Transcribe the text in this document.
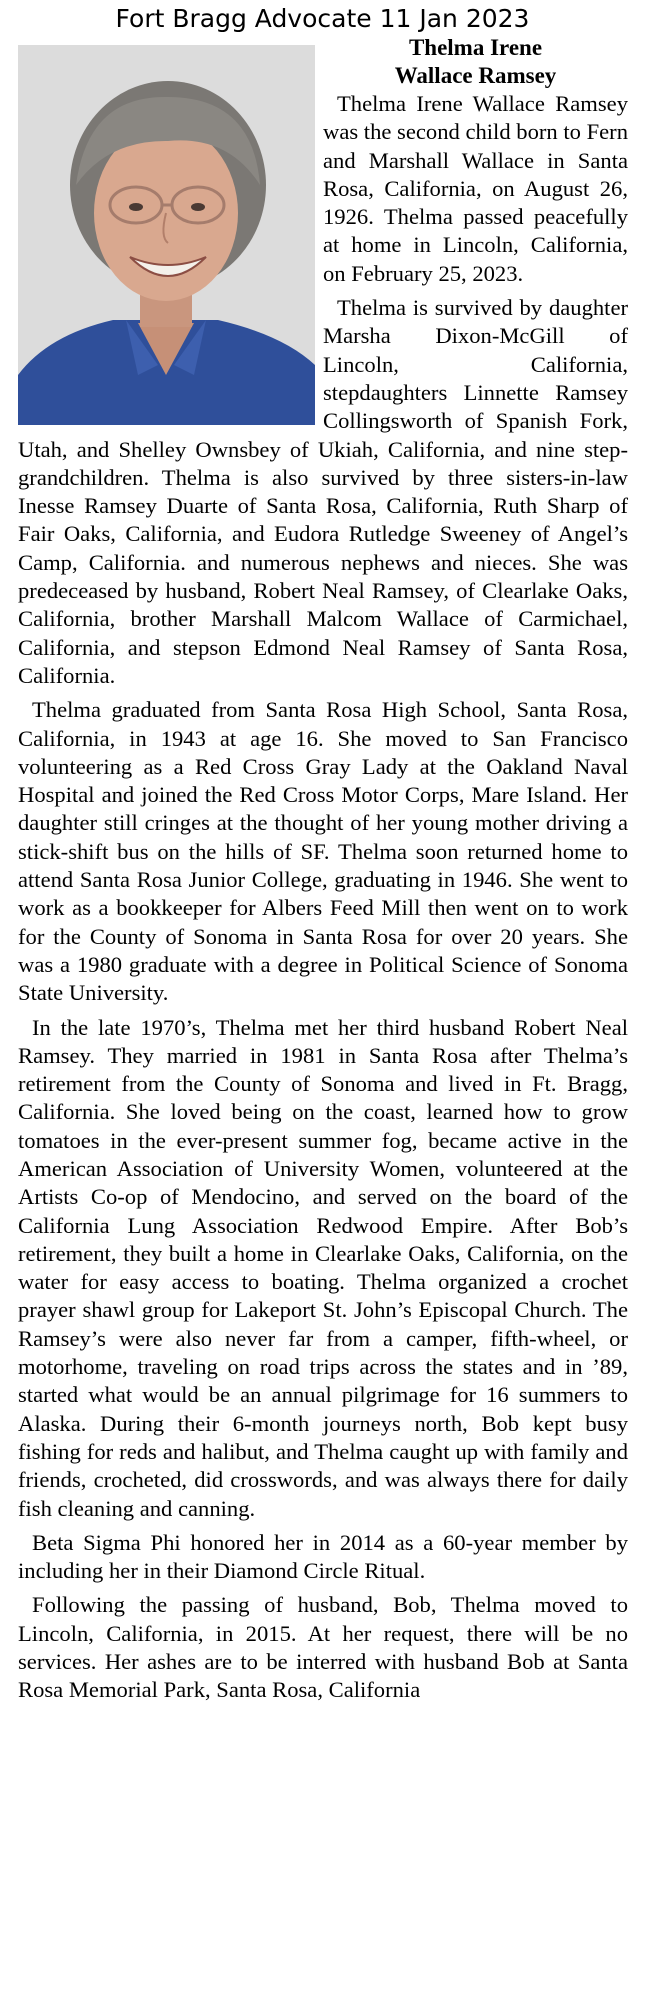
Fort Bragg Advocate 11 Jan 2023

Thelma Irene

Wallace Ramsey

Thelma Irene Wallace Ramsey was the second child born to Fern and Marshall Wallace in Santa Rosa, California, on August 26, 1926. Thelma passed peacefully at home in Lincoln, California, on February 25, 2023.

Thelma is survived by daughter Marsha Dixon-McGill of Lincoln, California, stepdaughters Linnette Ramsey Collingsworth of Spanish Fork, Utah, and Shelley Ownsbey of Ukiah, California, and nine step-grandchildren. Thelma is also survived by three sisters-in-law Inesse Ramsey Duarte of Santa Rosa, California, Ruth Sharp of Fair Oaks, California, and Eudora Rutledge Sweeney of Angel’s Camp, California. and numerous nephews and nieces. She was predeceased by husband, Robert Neal Ramsey, of Clearlake Oaks, California, brother Marshall Malcom Wallace of Carmichael, California, and stepson Edmond Neal Ramsey of Santa Rosa, California.

Thelma graduated from Santa Rosa High School, Santa Rosa, California, in 1943 at age 16. She moved to San Francisco volunteering as a Red Cross Gray Lady at the Oakland Naval Hospital and joined the Red Cross Motor Corps, Mare Island. Her daughter still cringes at the thought of her young mother driving a stick-shift bus on the hills of SF. Thelma soon returned home to attend Santa Rosa Junior College, graduating in 1946. She went to work as a bookkeeper for Albers Feed Mill then went on to work for the County of Sonoma in Santa Rosa for over 20 years. She was a 1980 graduate with a degree in Political Science of Sonoma State University.

In the late 1970’s, Thelma met her third husband Robert Neal Ramsey. They married in 1981 in Santa Rosa after Thelma’s retirement from the County of Sonoma and lived in Ft. Bragg, California. She loved being on the coast, learned how to grow tomatoes in the ever-present summer fog, became active in the American Association of University Women, volunteered at the Artists Co-op of Mendocino, and served on the board of the California Lung Association Redwood Empire. After Bob’s retirement, they built a home in Clearlake Oaks, California, on the water for easy access to boating. Thelma organized a crochet prayer shawl group for Lakeport St. John’s Episcopal Church. The Ramsey’s were also never far from a camper, fifth-wheel, or motorhome, traveling on road trips across the states and in ’89, started what would be an annual pilgrimage for 16 summers to Alaska. During their 6-month journeys north, Bob kept busy fishing for reds and halibut, and Thelma caught up with family and friends, crocheted, did crosswords, and was always there for daily fish cleaning and canning.

Beta Sigma Phi honored her in 2014 as a 60-year member by including her in their Diamond Circle Ritual.

Following the passing of husband, Bob, Thelma moved to Lincoln, California, in 2015. At her request, there will be no services. Her ashes are to be interred with husband Bob at Santa Rosa Memorial Park, Santa Rosa, California
